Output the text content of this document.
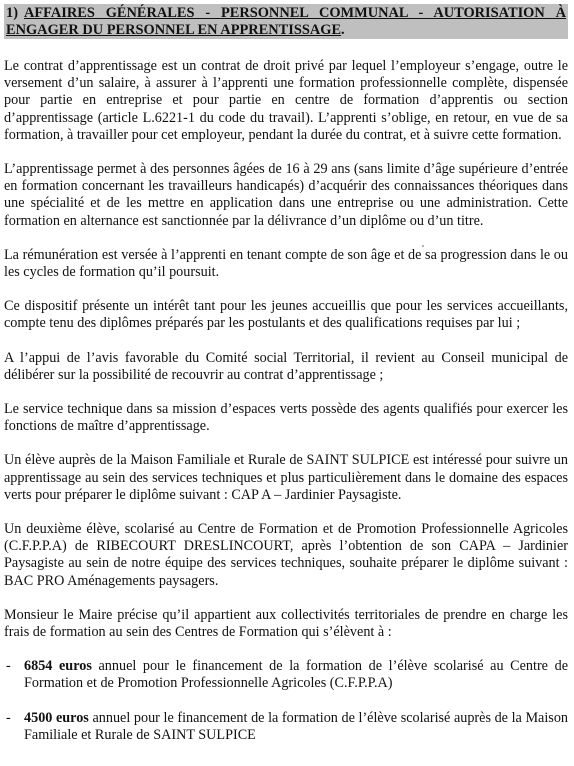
1) AFFAIRES GÉNÉRALES - PERSONNEL COMMUNAL - AUTORISATION À ENGAGER DU PERSONNEL EN APPRENTISSAGE.

Le contrat d’apprentissage est un contrat de droit privé par lequel l’employeur s’engage, outre le versement d’un salaire, à assurer à l’apprenti une formation professionnelle complète, dispensée pour partie en entreprise et pour partie en centre de formation d’apprentis ou section d’apprentissage (article L.6221-1 du code du travail). L’apprenti s’oblige, en retour, en vue de sa formation, à travailler pour cet employeur, pendant la durée du contrat, et à suivre cette formation.

L’apprentissage permet à des personnes âgées de 16 à 29 ans (sans limite d’âge supérieure d’entrée en formation concernant les travailleurs handicapés) d’acquérir des connaissances théoriques dans une spécialité et de les mettre en application dans une entreprise ou une administration. Cette formation en alternance est sanctionnée par la délivrance d’un diplôme ou d’un titre.

La rémunération est versée à l’apprenti en tenant compte de son âge et de sa progression dans le ou les cycles de formation qu’il poursuit.

Ce dispositif présente un intérêt tant pour les jeunes accueillis que pour les services accueillants, compte tenu des diplômes préparés par les postulants et des qualifications requises par lui ;

A l’appui de l’avis favorable du Comité social Territorial, il revient au Conseil municipal de délibérer sur la possibilité de recouvrir au contrat d’apprentissage ;

Le service technique dans sa mission d’espaces verts possède des agents qualifiés pour exercer les fonctions de maître d’apprentissage.

Un élève auprès de la Maison Familiale et Rurale de SAINT SULPICE est intéressé pour suivre un apprentissage au sein des services techniques et plus particulièrement dans le domaine des espaces verts pour préparer le diplôme suivant : CAP A – Jardinier Paysagiste.

Un deuxième élève, scolarisé au Centre de Formation et de Promotion Professionnelle Agricoles (C.F.P.P.A) de RIBECOURT DRESLINCOURT, après l’obtention de son CAPA – Jardinier Paysagiste au sein de notre équipe des services techniques, souhaite préparer le diplôme suivant : BAC PRO Aménagements paysagers.

Monsieur le Maire précise qu’il appartient aux collectivités territoriales de prendre en charge les frais de formation au sein des Centres de Formation qui s’élèvent à :

- 6854 euros annuel pour le financement de la formation de l’élève scolarisé au Centre de Formation et de Promotion Professionnelle Agricoles (C.F.P.P.A)

- 4500 euros annuel pour le financement de la formation de l’élève scolarisé auprès de la Maison Familiale et Rurale de SAINT SULPICE
